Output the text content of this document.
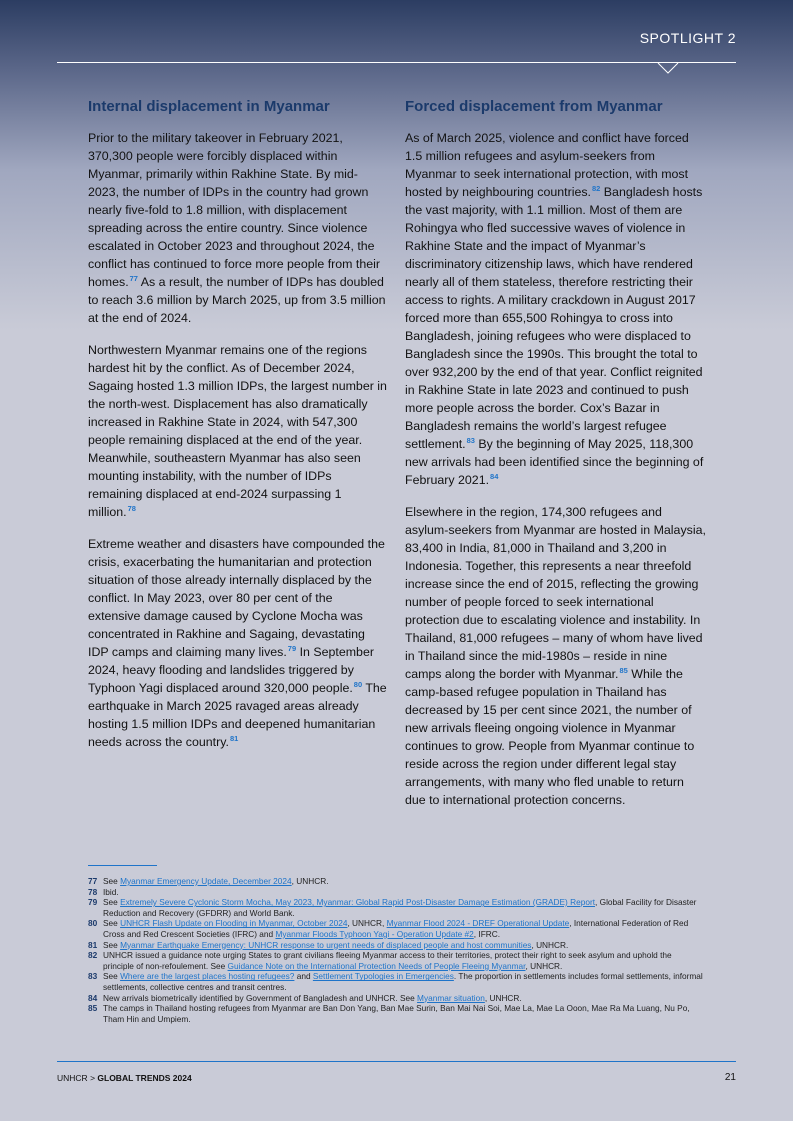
SPOTLIGHT 2
Internal displacement in Myanmar

Prior to the military takeover in February 2021, 370,300 people were forcibly displaced within Myanmar, primarily within Rakhine State. By mid-2023, the number of IDPs in the country had grown nearly five-fold to 1.8 million, with displacement spreading across the entire country. Since violence escalated in October 2023 and throughout 2024, the conflict has continued to force more people from their homes.$^{77}$ As a result, the number of IDPs has doubled to reach 3.6 million by March 2025, up from 3.5 million at the end of 2024.

Northwestern Myanmar remains one of the regions hardest hit by the conflict. As of December 2024, Sagaing hosted 1.3 million IDPs, the largest number in the north-west. Displacement has also dramatically increased in Rakhine State in 2024, with 547,300 people remaining displaced at the end of the year. Meanwhile, southeastern Myanmar has also seen mounting instability, with the number of IDPs remaining displaced at end-2024 surpassing 1 million.$^{78}$

Extreme weather and disasters have compounded the crisis, exacerbating the humanitarian and protection situation of those already internally displaced by the conflict. In May 2023, over 80 per cent of the extensive damage caused by Cyclone Mocha was concentrated in Rakhine and Sagaing, devastating IDP camps and claiming many lives.$^{79}$ In September 2024, heavy flooding and landslides triggered by Typhoon Yagi displaced around 320,000 people.$^{80}$ The earthquake in March 2025 ravaged areas already hosting 1.5 million IDPs and deepened humanitarian needs across the country.$^{81}$

Forced displacement from Myanmar

As of March 2025, violence and conflict have forced 1.5 million refugees and asylum-seekers from Myanmar to seek international protection, with most hosted by neighbouring countries.$^{82}$ Bangladesh hosts the vast majority, with 1.1 million. Most of them are Rohingya who fled successive waves of violence in Rakhine State and the impact of Myanmar’s discriminatory citizenship laws, which have rendered nearly all of them stateless, therefore restricting their access to rights. A military crackdown in August 2017 forced more than 655,500 Rohingya to cross into Bangladesh, joining refugees who were displaced to Bangladesh since the 1990s. This brought the total to over 932,200 by the end of that year. Conflict reignited in Rakhine State in late 2023 and continued to push more people across the border. Cox’s Bazar in Bangladesh remains the world’s largest refugee settlement.$^{83}$ By the beginning of May 2025, 118,300 new arrivals had been identified since the beginning of February 2021.84

Elsewhere in the region, 174,300 refugees and asylum-seekers from Myanmar are hosted in Malaysia, 83,400 in India, 81,000 in Thailand and 3,200 in Indonesia. Together, this represents a near threefold increase since the end of 2015, reflecting the growing number of people forced to seek international protection due to escalating violence and instability. In Thailand, 81,000 refugees – many of whom have lived in Thailand since the mid-1980s – reside in nine camps along the border with Myanmar.$^{85}$ While the camp-based refugee population in Thailand has decreased by 15 per cent since 2021, the number of new arrivals fleeing ongoing violence in Myanmar continues to grow. People from Myanmar continue to reside across the region under different legal stay arrangements, with many who fled unable to return due to international protection concerns.

77 See Myanmar Emergency Update, December 2024, UNHCR.
78 Ibid.
79 See Extremely Severe Cyclonic Storm Mocha, May 2023, Myanmar: Global Rapid Post-Disaster Damage Estimation (GRADE) Report, Global Facility for Disaster Reduction and Recovery (GFDRR) and World Bank.
80 See UNHCR Flash Update on Flooding in Myanmar, October 2024, UNHCR, Myanmar Flood 2024 - DREF Operational Update, International Federation of Red Cross and Red Crescent Societies (IFRC) and Myanmar Floods Typhoon Yagi - Operation Update #2, IFRC.
81 See Myanmar Earthquake Emergency: UNHCR response to urgent needs of displaced people and host communities, UNHCR.
82 UNHCR issued a guidance note urging States to grant civilians fleeing Myanmar access to their territories, protect their right to seek asylum and uphold the principle of non-refoulement. See Guidance Note on the International Protection Needs of People Fleeing Myanmar, UNHCR.
83 See Where are the largest places hosting refugees? and Settlement Typologies in Emergencies. The proportion in settlements includes formal settlements, informal settlements, collective centres and transit centres.
84 New arrivals biometrically identified by Government of Bangladesh and UNHCR. See Myanmar situation, UNHCR.
85 The camps in Thailand hosting refugees from Myanmar are Ban Don Yang, Ban Mae Surin, Ban Mai Nai Soi, Mae La, Mae La Ooon, Mae Ra Ma Luang, Nu Po, Tham Hin and Umpiem.
UNHCR > GLOBAL TRENDS 2024	21
